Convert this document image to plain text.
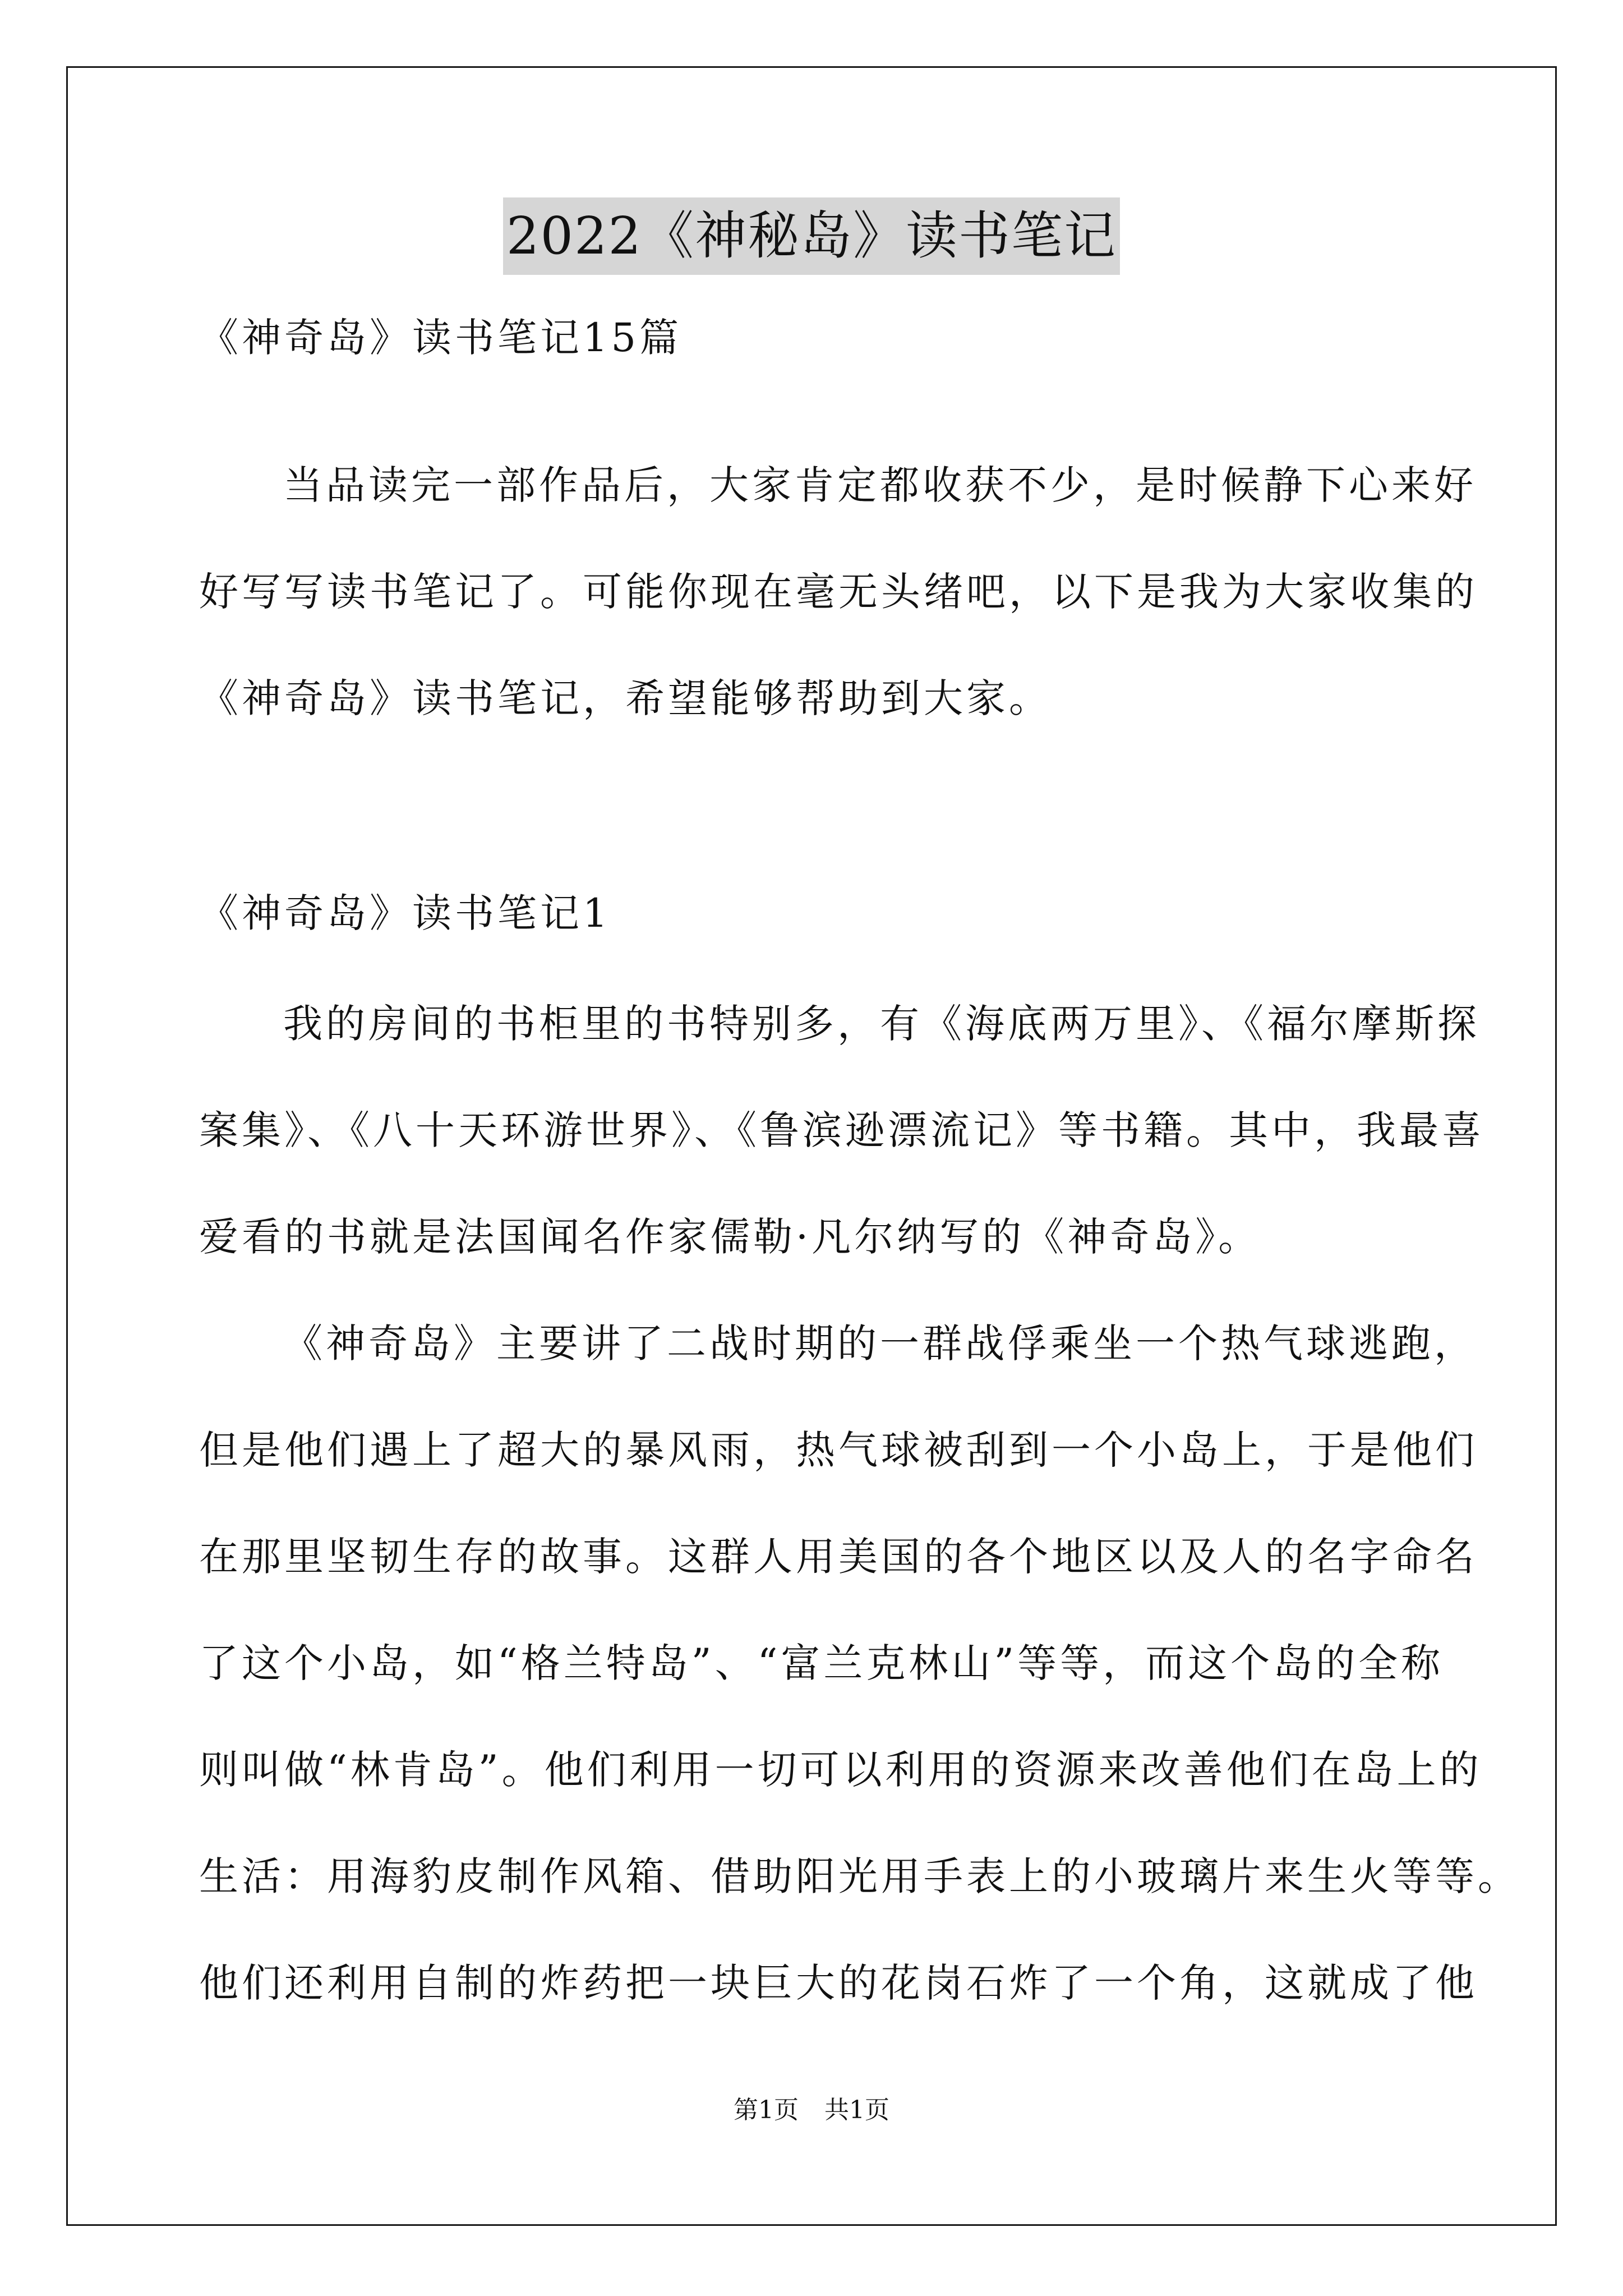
2022《神秘岛》读书笔记
《神奇岛》读书笔记15篇
当品读完一部作品后，大家肯定都收获不少，是时候静下心来好
好写写读书笔记了。可能你现在毫无头绪吧，以下是我为大家收集的
《神奇岛》读书笔记，希望能够帮助到大家。
《神奇岛》读书笔记1
我的房间的书柜里的书特别多，有《海底两万里》、《福尔摩斯探
案集》、《八十天环游世界》、《鲁滨逊漂流记》等书籍。其中，我最喜
爱看的书就是法国闻名作家儒勒·凡尔纳写的《神奇岛》。
《神奇岛》主要讲了二战时期的一群战俘乘坐一个热气球逃跑，
但是他们遇上了超大的暴风雨，热气球被刮到一个小岛上，于是他们
在那里坚韧生存的故事。这群人用美国的各个地区以及人的名字命名
了这个小岛，如“格兰特岛”、“富兰克林山”等等，而这个岛的全称
则叫做“林肯岛”。他们利用一切可以利用的资源来改善他们在岛上的
生活：用海豹皮制作风箱、借助阳光用手表上的小玻璃片来生火等等。
他们还利用自制的炸药把一块巨大的花岗石炸了一个角，这就成了他
第1页 共1页
